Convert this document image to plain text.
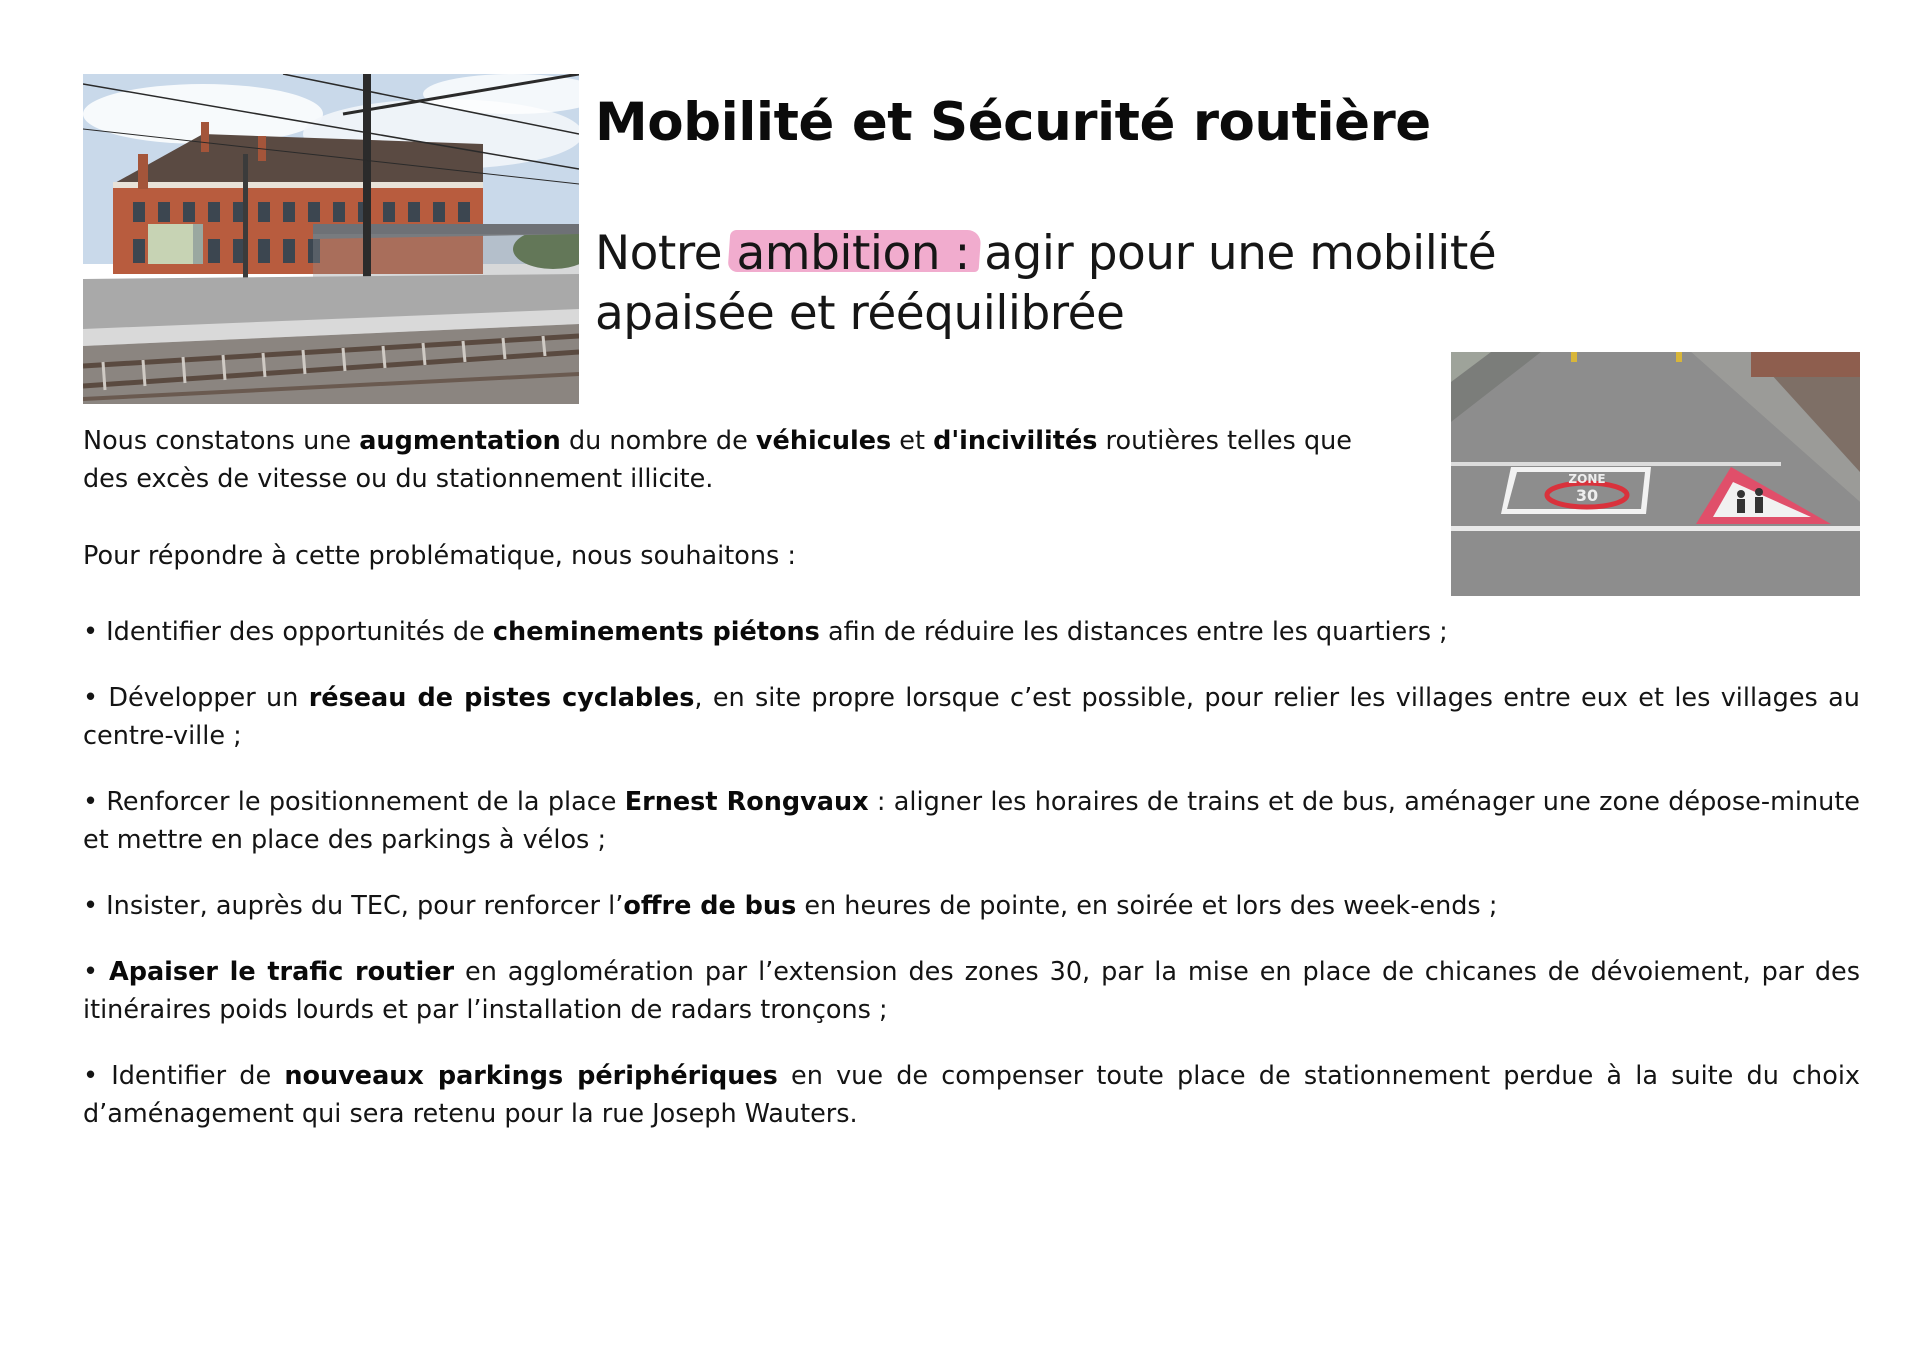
ZONE
30
Mobilité et Sécurité routière
Notre ambition : agir pour une mobilité
apaisée et rééquilibrée

Nous constatons une augmentation du nombre de véhicules et d'incivilités routières telles que
des excès de vitesse ou du stationnement illicite.

Pour répondre à cette problématique, nous souhaitons :

• Identifier des opportunités de cheminements piétons afin de réduire les distances entre les quartiers ;
• Développer un réseau de pistes cyclables, en site propre lorsque c’est possible, pour relier les villages entre eux et les villages au centre-ville ;
• Renforcer le positionnement de la place Ernest Rongvaux : aligner les horaires de trains et de bus, aménager une zone dépose-minute et mettre en place des parkings à vélos ;
• Insister, auprès du TEC, pour renforcer l’offre de bus en heures de pointe, en soirée et lors des week-ends ;
• Apaiser le trafic routier en agglomération par l’extension des zones 30, par la mise en place de chicanes de dévoiement, par des itinéraires poids lourds et par l’installation de radars tronçons ;
• Identifier de nouveaux parkings périphériques en vue de compenser toute place de stationnement perdue à la suite du choix d’aménagement qui sera retenu pour la rue Joseph Wauters.
